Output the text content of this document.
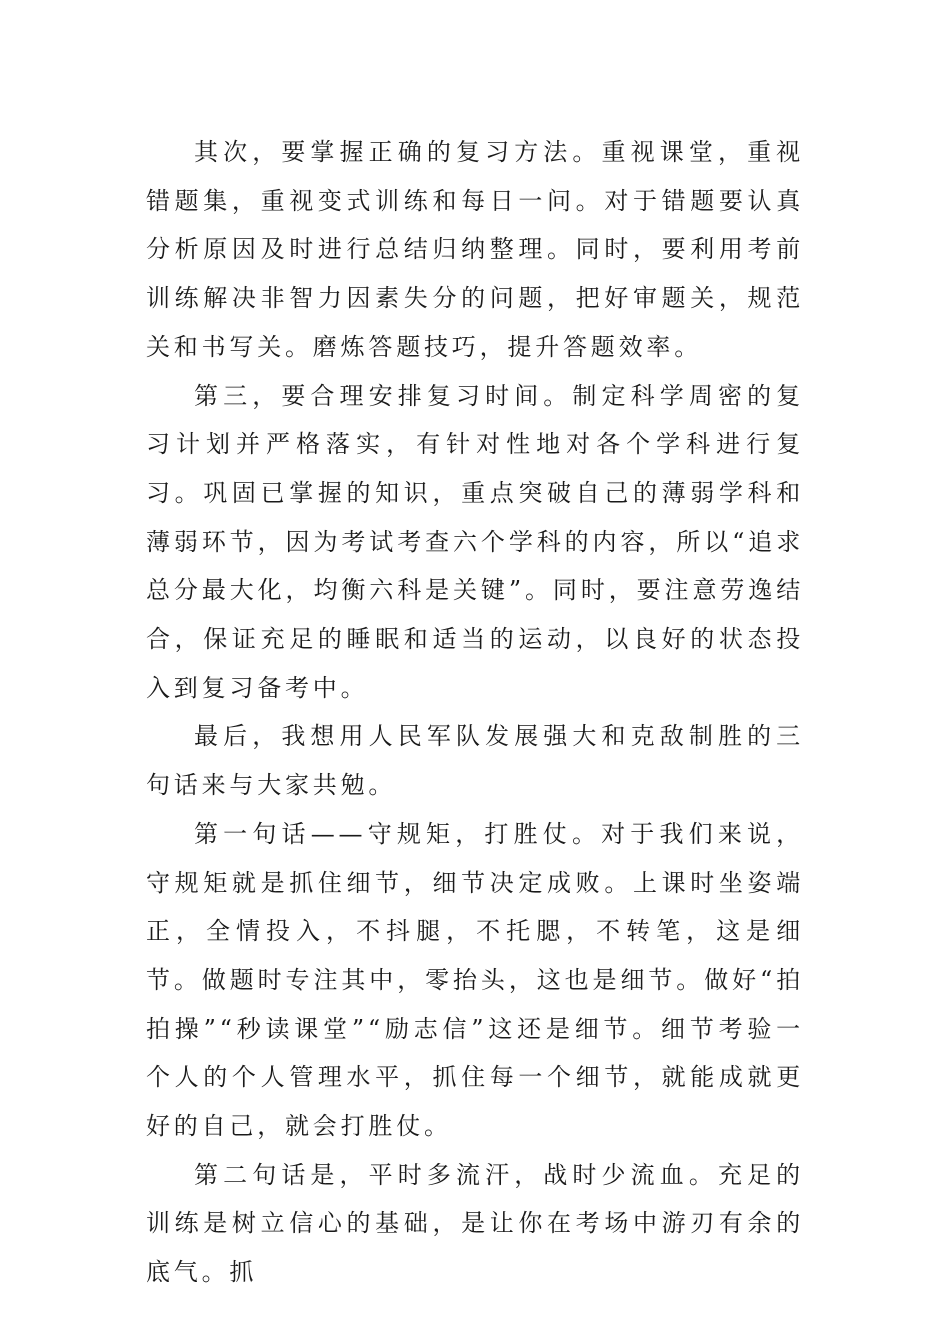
其次，要掌握正确的复习方法。重视课堂，重视错题集，重视变式训练和每日一问。对于错题要认真分析原因及时进行总结归纳整理。同时，要利用考前训练解决非智力因素失分的问题，把好审题关，规范关和书写关。磨炼答题技巧，提升答题效率。

第三，要合理安排复习时间。制定科学周密的复习计划并严格落实，有针对性地对各个学科进行复习。巩固已掌握的知识，重点突破自己的薄弱学科和薄弱环节，因为考试考查六个学科的内容，所以“追求总分最大化，均衡六科是关键”。同时，要注意劳逸结合，保证充足的睡眠和适当的运动，以良好的状态投入到复习备考中。

最后，我想用人民军队发展强大和克敌制胜的三句话来与大家共勉。

第一句话——守规矩，打胜仗。对于我们来说，守规矩就是抓住细节，细节决定成败。上课时坐姿端正，全情投入，不抖腿，不托腮，不转笔，这是细节。做题时专注其中，零抬头，这也是细节。做好“拍拍操”“秒读课堂”“励志信”这还是细节。细节考验一个人的个人管理水平，抓住每一个细节，就能成就更好的自己，就会打胜仗。

第二句话是，平时多流汗，战时少流血。充足的训练是树立信心的基础，是让你在考场中游刃有余的底气。抓
